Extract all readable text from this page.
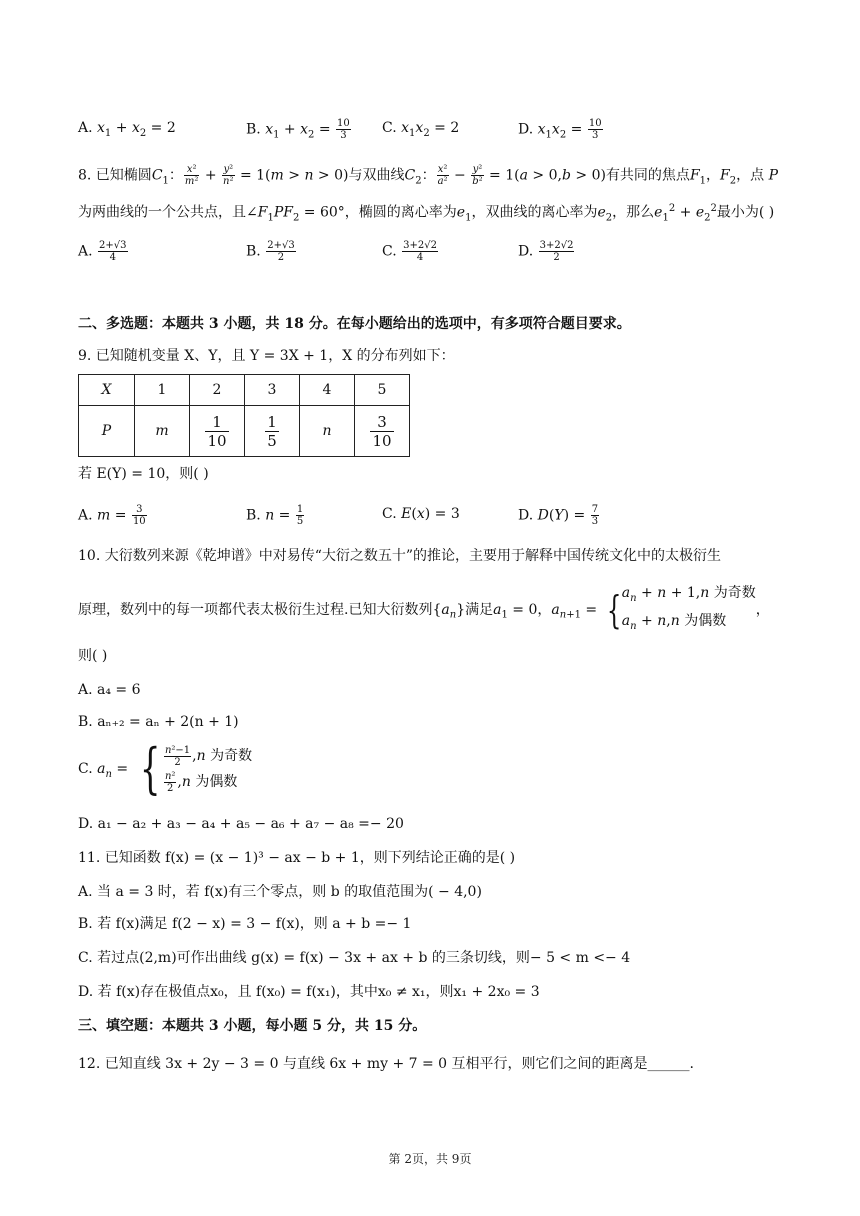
A. $x_1 + x_2 = 2$	B. $x_1 + x_2 = \frac{10}{3} C$. $x_1x_2 = 2$	D. $x_1x_2 = \frac{10}{3}$
8. 已知椭圆$C_1$： $\frac{\text{x²}}{\text{m²}} + \frac{\text{y²}}{\text{n²}} = 1(m > n > 0)$与双曲线$C_2$： $\frac{\text{x²}}{\text{a²}} - \frac{\text{y²}}{\text{b²}} = 1(a > 0,b > 0)$有共同的焦点$F_1$，$F_2$，点 P
为两曲线的一个公共点，且$\angle F_1PF_2 = 60^\circ$，椭圆的离心率为$e_1$，双曲线的离心率为$e_2$，那么$e_1^2 + e_2^2$最小为( )
A. $\frac{2+√3}{4}$	B. $\frac{2+√3}{2}$	C. $\frac{3+2√2}{4}$	D. $\frac{3+2√2}{2}$
二、多选题：本题共 3 小题，共 18 分。在每小题给出的选项中，有多项符合题目要求。
9. 已知随机变量 X、Y，且 Y = 3X + 1，X 的分布列如下：
X	1	2	3	4	5
P	m	$\frac{1}{10}$	$\frac{1}{5}$	n	$\frac{3}{10}$
若 E(Y) = 10，则( )
A. $m = \frac{3}{10}$	B. $n = \frac{1}{5}$	C. E(x) = 3	D. $D(Y) = \frac{7}{3}$
10. 大衍数列来源《乾坤谱》中对易传“大衍之数五十”的推论，主要用于解释中国传统文化中的太极衍生
原理，数列中的每一项都代表太极衍生过程.已知大衍数列$\{a_n\}$满足$a_1 = 0$，$a_{n+1}$ = { $a_n + n + 1,n$ 为奇数
$a_n + n,n$ 为偶数
，
则( )
A. a₄ = 6
B. aₙ₊₂ = aₙ + 2(n + 1)
C. $a_n$ = { $\frac{\text{n²−1}}{2} ,n$ 为奇数
$\frac{\text{n²}}{2} ,n$ 为偶数
D. a₁ − a₂ + a₃ − a₄ + a₅ − a₆ + a₇ − a₈ =− 20
11. 已知函数 f(x) = (x − 1)³ − ax − b + 1，则下列结论正确的是( )
A. 当 a = 3 时，若 f(x)有三个零点，则 b 的取值范围为( − 4,0)
B. 若 f(x)满足 f(2 − x) = 3 − f(x)，则 a + b =− 1
C. 若过点(2,m)可作出曲线 g(x) = f(x) − 3x + ax + b 的三条切线，则− 5 < m <− 4
D. 若 f(x)存在极值点x₀，且 f(x₀) = f(x₁)，其中x₀ ≠ x₁，则x₁ + 2x₀ = 3
三、填空题：本题共 3 小题，每小题 5 分，共 15 分。
12. 已知直线 3x + 2y − 3 = 0 与直线 6x + my + 7 = 0 互相平行，则它们之间的距离是______.
第 2页，共 9页
